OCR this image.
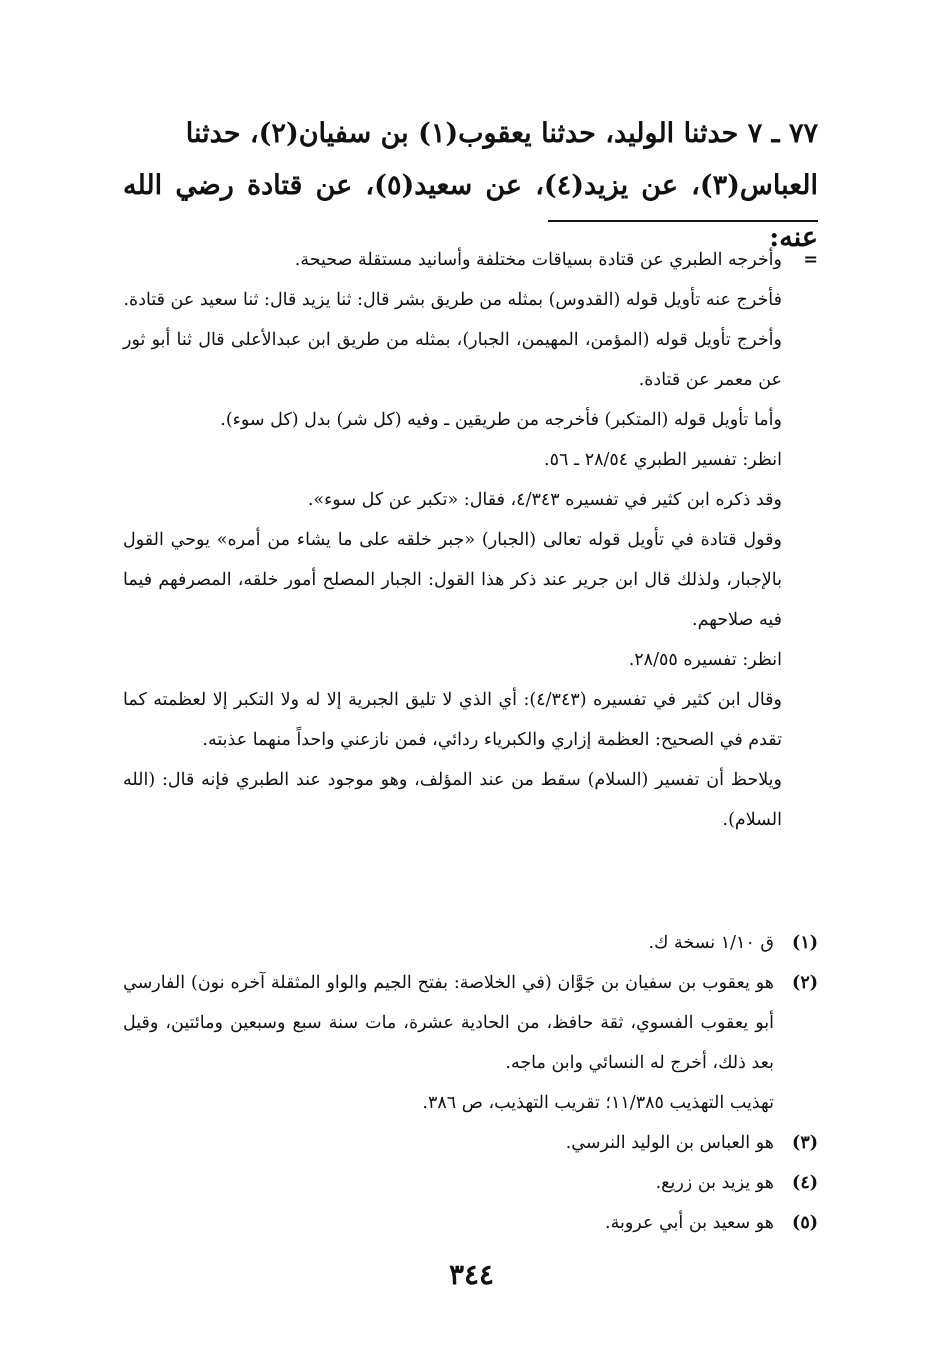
٧٧ ـ ٧ حدثنا الوليد، حدثنا يعقوب(١) بن سفيان(٢)، حدثنا
العباس(٣)، عن يزيد(٤)، عن سعيد(٥)، عن قتادة رضي الله عنه:
=

وأخرجه الطبري عن قتادة بسياقات مختلفة وأسانيد مستقلة صحيحة.

فأخرج عنه تأويل قوله (القدوس) بمثله من طريق بشر قال: ثنا يزيد قال: ثنا سعيد عن قتادة.

وأخرج تأويل قوله (المؤمن، المهيمن، الجبار)، بمثله من طريق ابن عبدالأعلى قال ثنا أبو ثور عن معمر عن قتادة.

وأما تأويل قوله (المتكبر) فأخرجه من طريقين ـ وفيه (كل شر) بدل (كل سوء).

انظر: تفسير الطبري ٢٨/٥٤ ـ ٥٦.

وقد ذكره ابن كثير في تفسيره ٤/٣٤٣، فقال: «تكبر عن كل سوء».

وقول قتادة في تأويل قوله تعالى (الجبار) «جبر خلقه على ما يشاء من أمره» يوحي القول بالإجبار، ولذلك قال ابن جرير عند ذكر هذا القول: الجبار المصلح أمور خلقه، المصرفهم فيما فيه صلاحهم.

انظر: تفسيره ٢٨/٥٥.

وقال ابن كثير في تفسيره (٤/٣٤٣): أي الذي لا تليق الجبرية إلا له ولا التكبر إلا لعظمته كما تقدم في الصحيح: العظمة إزاري والكبرياء ردائي، فمن نازعني واحداً منهما عذبته.

ويلاحظ أن تفسير (السلام) سقط من عند المؤلف، وهو موجود عند الطبري فإنه قال: (الله السلام).

(١)

ق ١/١٠ نسخة ك.

(٢)

هو يعقوب بن سفيان بن جَوَّان (في الخلاصة: بفتح الجيم والواو المثقلة آخره نون) الفارسي أبو يعقوب الفسوي، ثقة حافظ، من الحادية عشرة، مات سنة سبع وسبعين ومائتين، وقيل بعد ذلك، أخرج له النسائي وابن ماجه.

تهذيب التهذيب ١١/٣٨٥؛ تقريب التهذيب، ص ٣٨٦.

(٣)

هو العباس بن الوليد النرسي.

(٤)

هو يزيد بن زريع.

(٥)

هو سعيد بن أبي عروبة.

٣٤٤
